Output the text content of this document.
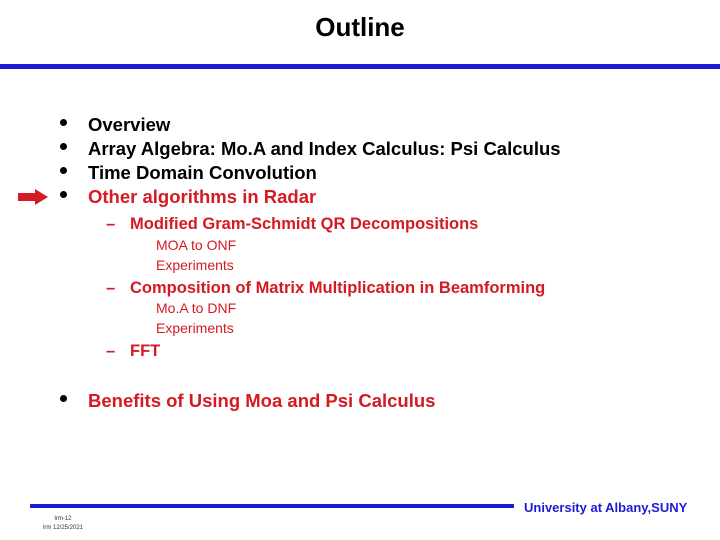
Outline
Overview
Array Algebra: Mo.A and Index Calculus: Psi Calculus
Time Domain Convolution
Other algorithms in Radar
– Modified Gram-Schmidt QR Decompositions
MOA to ONF
Experiments
– Composition of Matrix Multiplication in Beamforming
Mo.A to DNF
Experiments
– FFT
Benefits of Using Moa and Psi Calculus
University at Albany,SUNY
lrm-12
lrm 12/25/2021
